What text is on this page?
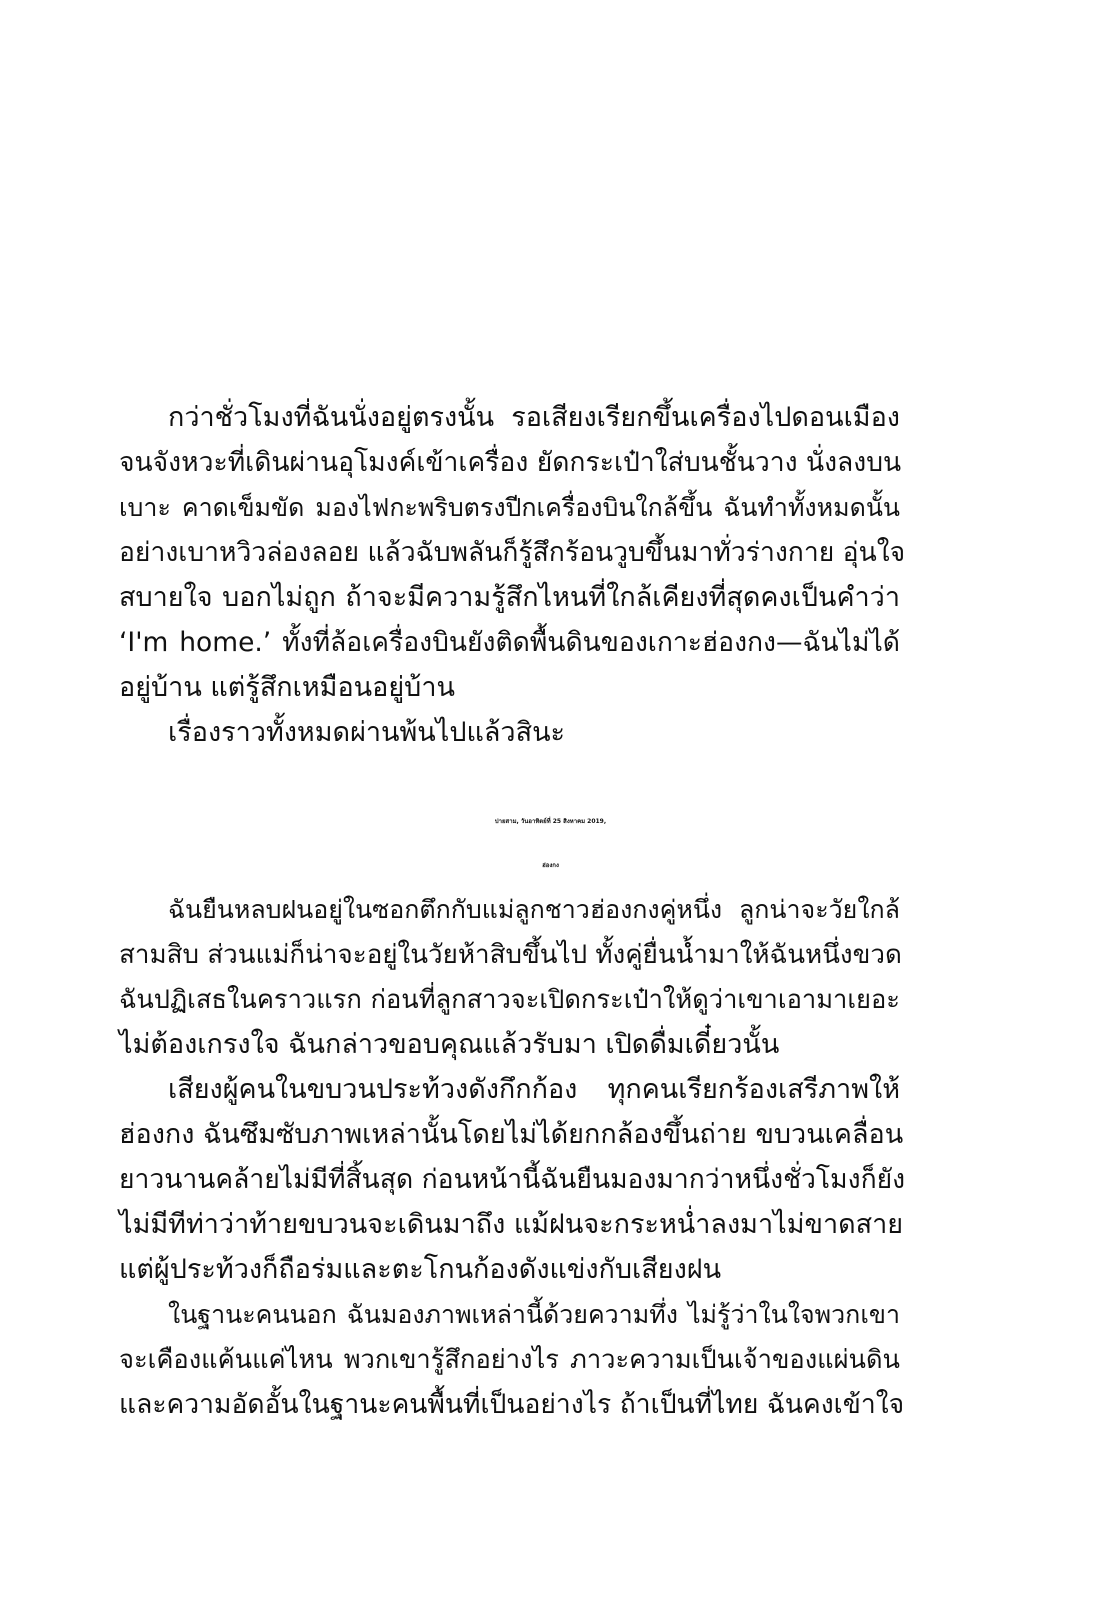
กว่าชั่วโมงที่ฉันนั่งอยู่ตรงนั้น รอเสียงเรียกขึ้นเครื่องไปดอนเมือง
จนจังหวะที่เดินผ่านอุโมงค์เข้าเครื่อง ยัดกระเป๋าใส่บนชั้นวาง นั่งลงบน
เบาะ คาดเข็มขัด มองไฟกะพริบตรงปีกเครื่องบินใกล้ขึ้น ฉันทำทั้งหมดนั้น
อย่างเบาหวิวล่องลอย แล้วฉับพลันก็รู้สึกร้อนวูบขึ้นมาทั่วร่างกาย อุ่นใจ
สบายใจ บอกไม่ถูก ถ้าจะมีความรู้สึกไหนที่ใกล้เคียงที่สุดคงเป็นคำว่า
‘I'm home.’ ทั้งที่ล้อเครื่องบินยังติดพื้นดินของเกาะฮ่องกง—ฉันไม่ได้
อยู่บ้าน แต่รู้สึกเหมือนอยู่บ้าน
เรื่องราวทั้งหมดผ่านพ้นไปแล้วสินะ
บ่ายสาม, วันอาทิตย์ที่ 25 สิงหาคม 2019,
ฮ่องกง
ฉันยืนหลบฝนอยู่ในซอกตึกกับแม่ลูกชาวฮ่องกงคู่หนึ่ง ลูกน่าจะวัยใกล้
สามสิบ ส่วนแม่ก็น่าจะอยู่ในวัยห้าสิบขึ้นไป ทั้งคู่ยื่นน้ำมาให้ฉันหนึ่งขวด
ฉันปฏิเสธในคราวแรก ก่อนที่ลูกสาวจะเปิดกระเป๋าให้ดูว่าเขาเอามาเยอะ
ไม่ต้องเกรงใจ ฉันกล่าวขอบคุณแล้วรับมา เปิดดื่มเดี๋ยวนั้น
เสียงผู้คนในขบวนประท้วงดังกึกก้อง ทุกคนเรียกร้องเสรีภาพให้
ฮ่องกง ฉันซึมซับภาพเหล่านั้นโดยไม่ได้ยกกล้องขึ้นถ่าย ขบวนเคลื่อน
ยาวนานคล้ายไม่มีที่สิ้นสุด ก่อนหน้านี้ฉันยืนมองมากว่าหนึ่งชั่วโมงก็ยัง
ไม่มีทีท่าว่าท้ายขบวนจะเดินมาถึง แม้ฝนจะกระหน่ำลงมาไม่ขาดสาย
แต่ผู้ประท้วงก็ถือร่มและตะโกนก้องดังแข่งกับเสียงฝน
ในฐานะคนนอก ฉันมองภาพเหล่านี้ด้วยความทึ่ง ไม่รู้ว่าในใจพวกเขา
จะเคืองแค้นแค่ไหน พวกเขารู้สึกอย่างไร ภาวะความเป็นเจ้าของแผ่นดิน
และความอัดอั้นในฐานะคนพื้นที่เป็นอย่างไร ถ้าเป็นที่ไทย ฉันคงเข้าใจ
